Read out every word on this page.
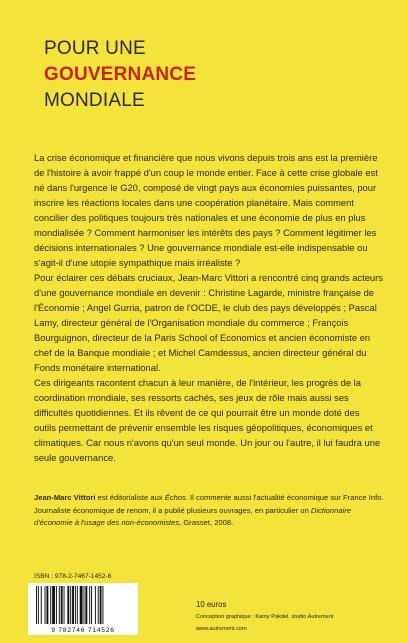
POUR UNE
GOUVERNANCE
MONDIALE

La crise économique et financière que nous vivons depuis trois ans est la première de l'histoire à avoir frappé d'un coup le monde entier. Face à cette crise globale est né dans l'urgence le G20, composé de vingt pays aux économies puissantes, pour inscrire les réactions locales dans une coopération planétaire. Mais comment concilier des politiques toujours très nationales et une économie de plus en plus mondialisée ? Comment harmoniser les intérêts des pays ? Comment légitimer les décisions internationales ? Une gouvernance mondiale est-elle indispensable ou s'agit-il d'une utopie sympathique mais irréaliste ?

Pour éclairer ces débats cruciaux, Jean-Marc Vittori a rencontré cinq grands acteurs d'une gouvernance mondiale en devenir : Christine Lagarde, ministre française de l'Économie ; Angel Gurria, patron de l'OCDE, le club des pays développés ; Pascal Lamy, directeur général de l'Organisation mondiale du commerce ; François Bourguignon, directeur de la Paris School of Economics et ancien économiste en chef de la Banque mondiale ; et Michel Camdessus, ancien directeur général du Fonds monétaire international.

Ces dirigeants racontent chacun à leur manière, de l'intérieur, les progrès de la coordination mondiale, ses ressorts cachés, ses jeux de rôle mais aussi ses difficultés quotidiennes. Et ils rêvent de ce qui pourrait être un monde doté des outils permettant de prévenir ensemble les risques géopolitiques, économiques et climatiques. Car nous n'avons qu'un seul monde. Un jour ou l'autre, il lui faudra une seule gouvernance.

Jean-Marc Vittori est éditorialiste aux Échos. Il commente aussi l'actualité économique sur France Info. Journaliste économique de renom, il a publié plusieurs ouvrages, en particulier un Dictionnaire d'économie à l'usage des non-économistes, Grasset, 2008.

ISBN : 978-2-7467-1452-6
9 782746 714526
10 euros
Conception graphique : Kamy Pakdel, studio Autrement
www.autrement.com
